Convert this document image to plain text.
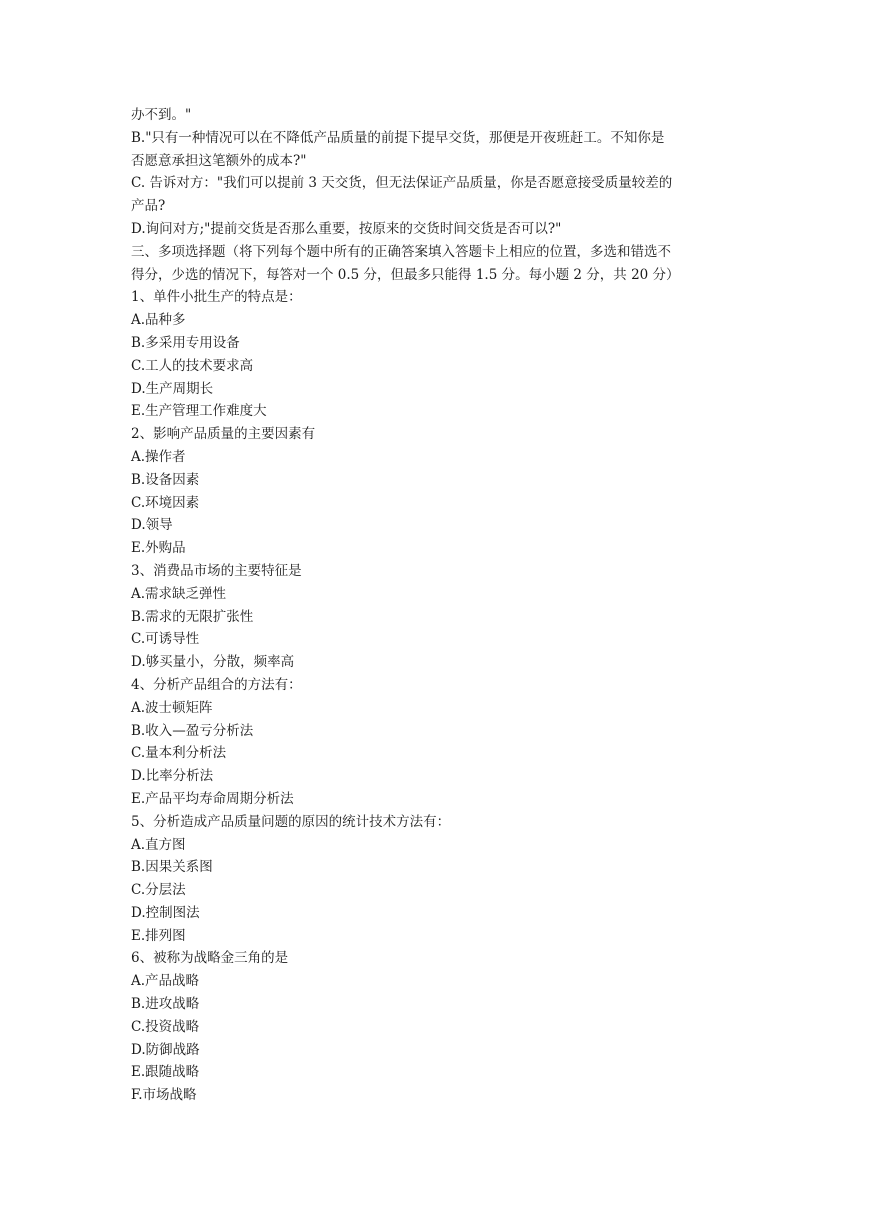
办不到。"
B."只有一种情况可以在不降低产品质量的前提下提早交货，那便是开夜班赶工。不知你是
否愿意承担这笔额外的成本?"
C. 告诉对方："我们可以提前 3 天交货，但无法保证产品质量，你是否愿意接受质量较差的
产品?
D.询问对方;"提前交货是否那么重要，按原来的交货时间交货是否可以?"
三、多项选择题（将下列每个题中所有的正确答案填入答题卡上相应的位置，多选和错选不
得分，少选的情况下，每答对一个 0.5 分，但最多只能得 1.5 分。每小题 2 分，共 20 分）
1、单件小批生产的特点是：
A.品种多
B.多采用专用设备
C.工人的技术要求高
D.生产周期长
E.生产管理工作难度大
2、影响产品质量的主要因素有
A.操作者
B.设备因素
C.环境因素
D.领导
E.外购品
3、消费品市场的主要特征是
A.需求缺乏弹性
B.需求的无限扩张性
C.可诱导性
D.够买量小，分散，频率高
4、分析产品组合的方法有：
A.波士顿矩阵
B.收入—盈亏分析法
C.量本利分析法
D.比率分析法
E.产品平均寿命周期分析法
5、分析造成产品质量问题的原因的统计技术方法有：
A.直方图
B.因果关系图
C.分层法
D.控制图法
E.排列图
6、被称为战略金三角的是
A.产品战略
B.进攻战略
C.投资战略
D.防御战路
E.跟随战略
F.市场战略
